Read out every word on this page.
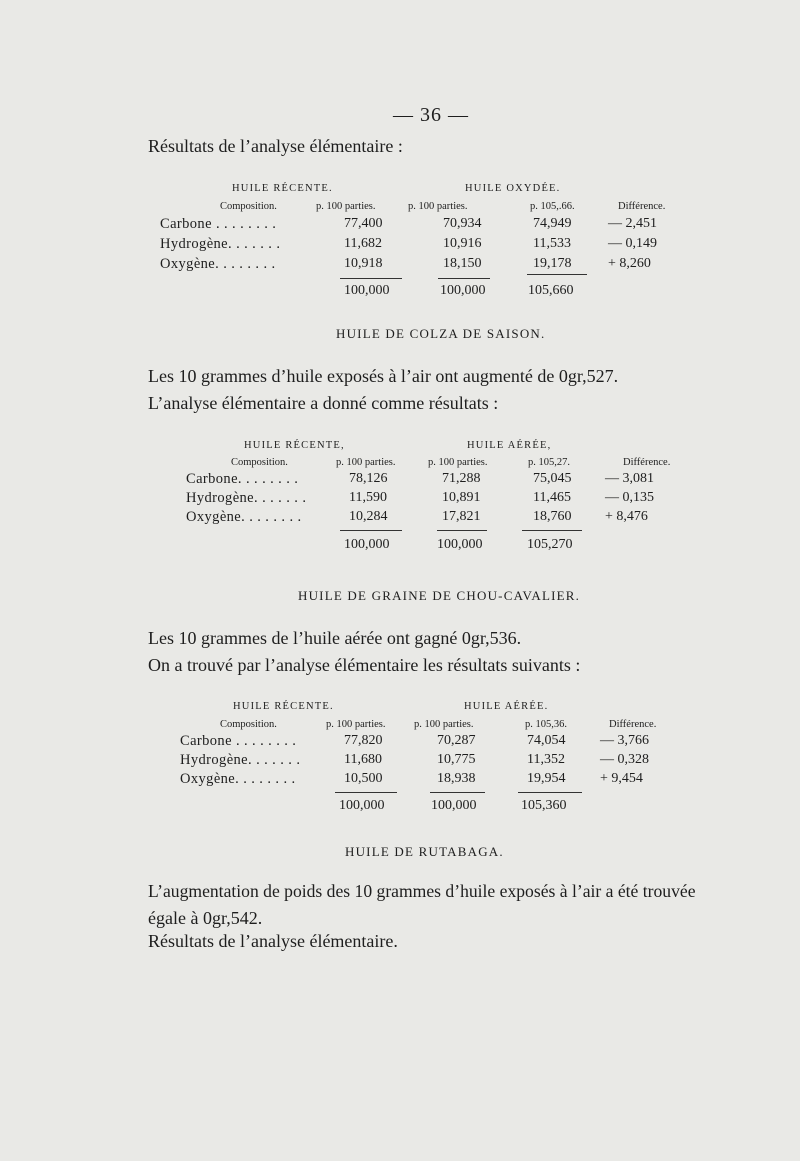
— 36 —
Résultats de l’analyse élémentaire :
HUILE RÉCENTE.	HUILE OXYDÉE.
Composition.	p. 100 parties.	p. 100 parties.	p. 105,.66.	Différence.
Carbone . . . . . . . .	77,400	70,934	74,949	— 2,451
Hydrogène. . . . . . .	11,682	10,916	11,533	— 0,149
Oxygène. . . . . . . .	10,918	18,150	19,178	+ 8,260
100,000	100,000	105,660
HUILE DE COLZA DE SAISON.
Les 10 grammes d’huile exposés à l’air ont augmenté de 0gr,527.
L’analyse élémentaire a donné comme résultats :
HUILE RÉCENTE,	HUILE AÉRÉE,
Composition.	p. 100 parties.	p. 100 parties.	p. 105,27.	Différence.
Carbone. . . . . . . .	78,126	71,288	75,045 — 3,081
Hydrogène. . . . . . .	11,590	10,891	11,465 — 0,135
Oxygène. . . . . . . .	10,284	17,821	18,760 + 8,476
100,000	100,000	105,270
HUILE DE GRAINE DE CHOU-CAVALIER.
Les 10 grammes de l’huile aérée ont gagné 0gr,536.
On a trouvé par l’analyse élémentaire les résultats suivants :
HUILE RÉCENTE.	HUILE AÉRÉE.
Composition.	p. 100 parties.	p. 100 parties.	p. 105,36.	Différence.
Carbone . . . . . . . .	77,820	70,287	74,054 — 3,766
Hydrogène. . . . . . .	11,680	10,775	11,352	— 0,328
Oxygène. . . . . . . .	10,500	18,938	19,954 + 9,454
100,000	100,000	105,360
HUILE DE RUTABAGA.
L’augmentation de poids des 10 grammes d’huile exposés à l’air a été trouvée
égale à 0gr,542.
Résultats de l’analyse élémentaire.
